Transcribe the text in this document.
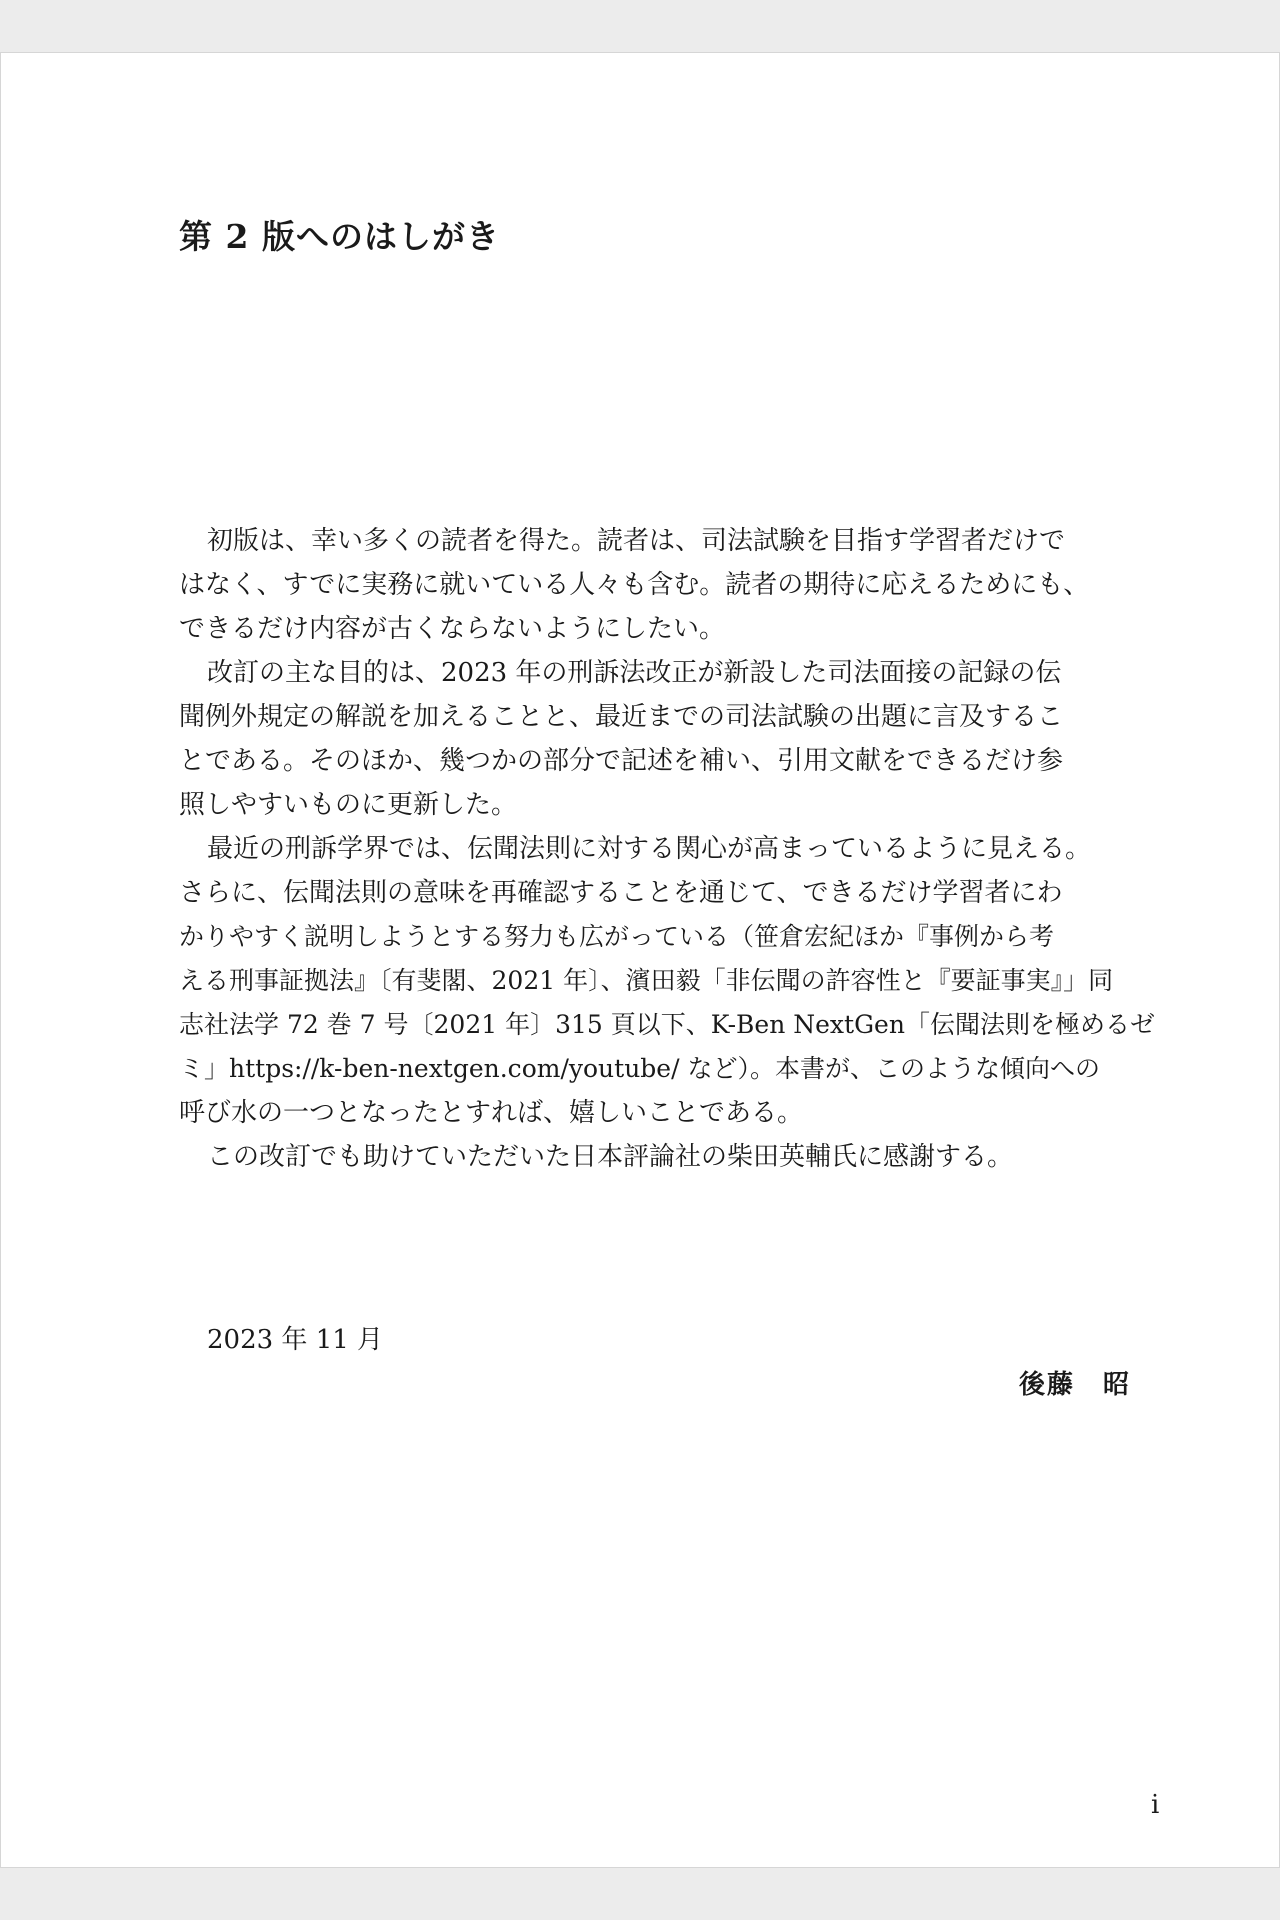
第 2 版へのはしがき
初版は、幸い多くの読者を得た。読者は、司法試験を目指す学習者だけで
はなく、すでに実務に就いている人々も含む。読者の期待に応えるためにも、
できるだけ内容が古くならないようにしたい。
改訂の主な目的は、2023 年の刑訴法改正が新設した司法面接の記録の伝
聞例外規定の解説を加えることと、最近までの司法試験の出題に言及するこ
とである。そのほか、幾つかの部分で記述を補い、引用文献をできるだけ参
照しやすいものに更新した。
最近の刑訴学界では、伝聞法則に対する関心が高まっているように見える。
さらに、伝聞法則の意味を再確認することを通じて、できるだけ学習者にわ
かりやすく説明しようとする努力も広がっている（笹倉宏紀ほか『事例から考
える刑事証拠法』〔有斐閣、2021 年〕、濱田毅「非伝聞の許容性と『要証事実』」同
志社法学 72 巻 7 号〔2021 年〕315 頁以下、K-Ben NextGen「伝聞法則を極めるゼ
ミ」https://k-ben-nextgen.com/youtube/ など）。本書が、このような傾向への
呼び水の一つとなったとすれば、嬉しいことである。
この改訂でも助けていただいた日本評論社の柴田英輔氏に感謝する。
2023 年 11 月
後藤　昭
i
